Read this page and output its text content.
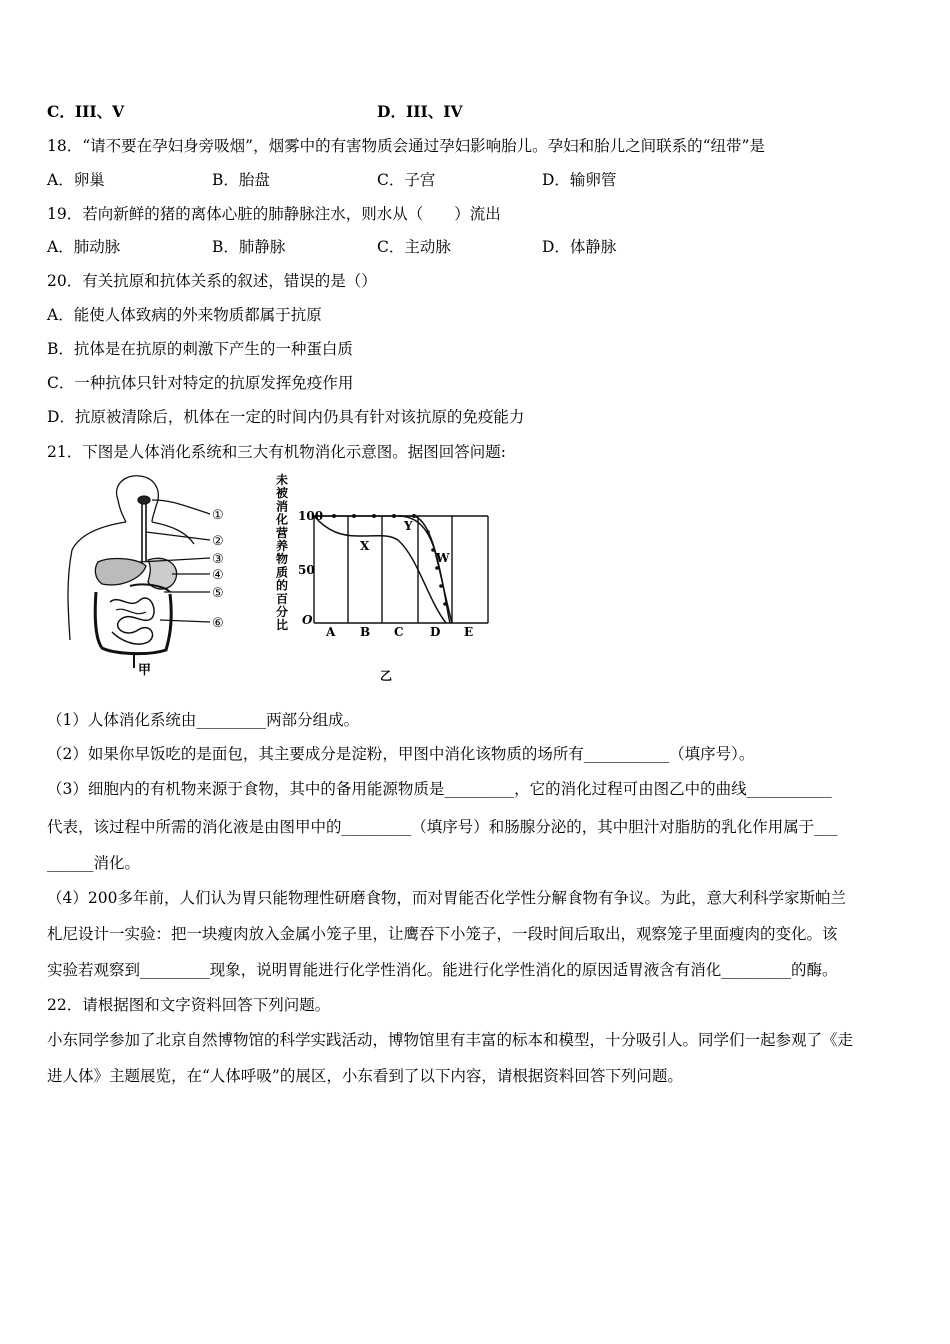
C．III、V	D．III、IV
18．“请不要在孕妇身旁吸烟”，烟雾中的有害物质会通过孕妇影响胎儿。孕妇和胎儿之间联系的“纽带”是
A．卵巢	B．胎盘	C．子宫	D．输卵管
19．若向新鲜的猪的离体心脏的肺静脉注水，则水从（　　）流出
A．肺动脉	B．肺静脉	C．主动脉	D．体静脉
20．有关抗原和抗体关系的叙述，错误的是（）
A．能使人体致病的外来物质都属于抗原
B．抗体是在抗原的刺激下产生的一种蛋白质
C．一种抗体只针对特定的抗原发挥免疫作用
D．抗原被清除后，机体在一定的时间内仍具有针对该抗原的免疫能力
21．下图是人体消化系统和三大有机物消化示意图。据图回答问题:
①
②
③
④
⑤
⑥
甲
未被消化营养物质的百分比
100
50
O
A B C D E
X
Y
W
乙
（1）人体消化系统由_________两部分组成。
（2）如果你早饭吃的是面包，其主要成分是淀粉，甲图中消化该物质的场所有___________（填序号）。
（3）细胞内的有机物来源于食物，其中的备用能源物质是_________，它的消化过程可由图乙中的曲线___________
代表，该过程中所需的消化液是由图甲中的_________（填序号）和肠腺分泌的，其中胆汁对脂肪的乳化作用属于___
______消化。
（4）200多年前，人们认为胃只能物理性研磨食物，而对胃能否化学性分解食物有争议。为此，意大利科学家斯帕兰
札尼设计一实验：把一块瘦肉放入金属小笼子里，让鹰吞下小笼子，一段时间后取出，观察笼子里面瘦肉的变化。该
实验若观察到_________现象，说明胃能进行化学性消化。能进行化学性消化的原因适胃液含有消化_________的酶。
22．请根据图和文字资料回答下列问题。
小东同学参加了北京自然博物馆的科学实践活动，博物馆里有丰富的标本和模型，十分吸引人。同学们一起参观了《走
进人体》主题展览，在“人体呼吸”的展区，小东看到了以下内容，请根据资料回答下列问题。
